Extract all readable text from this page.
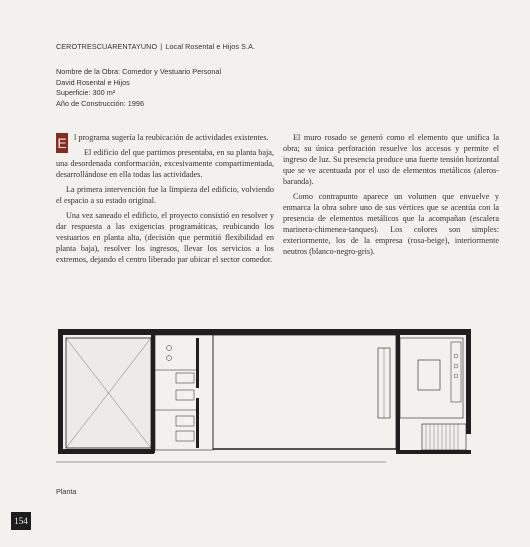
CEROTRESCUARENTAYUNO | Local Rosental e Hijos S.A.
Nombre de la Obra: Comedor y Vestuario Personal
David Rosental e Hijos
Superficie: 300 m²
Año de Construcción: 1996

E l programa sugería la reubicación de actividades existentes.

El edificio del que partimos presentaba, en su planta baja, una desordenada conformación, excesivamente compartimentada, desarrollándose en ella todas las actividades.

La primera intervención fue la limpieza del edificio, volviendo el espacio a su estado original.

Una vez saneado el edificio, el proyecto consistió en resolver y dar respuesta a las exigencias programáticas, reubicando los vestuarios en planta alta, (decisión que permitió flexibilidad en planta baja), resolver los ingresos, llevar los servicios a los extremos, dejando el centro liberado par ubicar el sector comedor.

El muro rosado se generó como el elemento que unifica la obra; su única perforación resuelve los accesos y permite el ingreso de luz. Su presencia produce una fuerte tensión horizontal que se ve acentuada por el uso de elementos metálicos (aleros-baranda).

Como contrapunto aparece un volumen que envuelve y enmarca la obra sobre uno de sus vértices que se acentúa con la presencia de elementos metálicos que la acompañan (escalera marinera-chimenea-tanques). Los colores son simples: exteriormente, los de la empresa (rosa-beige), interiormente neutros (blanco-negro-gris).

Planta
154
